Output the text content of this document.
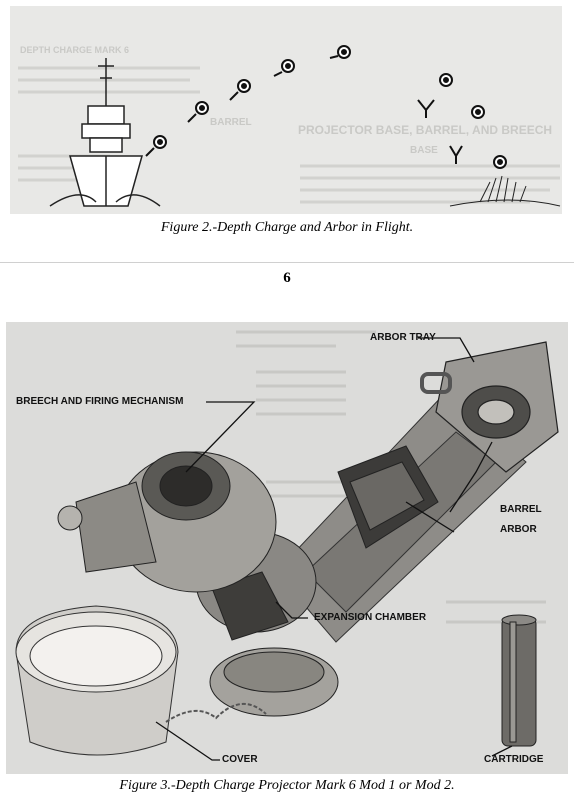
DEPTH CHARGE MARK 6
PROJECTOR BASE, BARREL, AND BREECH
BASE
BARREL
Figure 2.-Depth Charge and Arbor in Flight.
6
ARBOR TRAY
BREECH AND FIRING MECHANISM
BARREL
ARBOR
EXPANSION CHAMBER
COVER	CARTRIDGE
Figure 3.-Depth Charge Projector Mark 6 Mod 1 or Mod 2.
